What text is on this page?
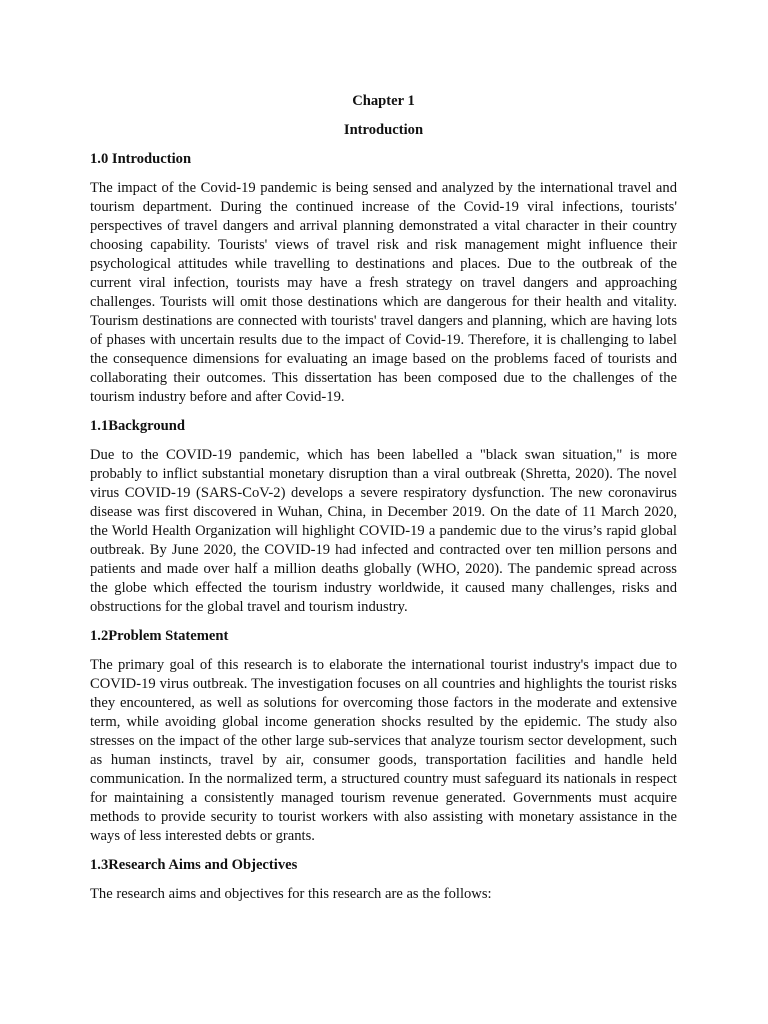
Chapter 1

Introduction

1.0 Introduction

The impact of the Covid-19 pandemic is being sensed and analyzed by the international travel and tourism department. During the continued increase of the Covid-19 viral infections, tourists' perspectives of travel dangers and arrival planning demonstrated a vital character in their country choosing capability. Tourists' views of travel risk and risk management might influence their psychological attitudes while travelling to destinations and places. Due to the outbreak of the current viral infection, tourists may have a fresh strategy on travel dangers and approaching challenges. Tourists will omit those destinations which are dangerous for their health and vitality. Tourism destinations are connected with tourists' travel dangers and planning, which are having lots of phases with uncertain results due to the impact of Covid-19. Therefore, it is challenging to label the consequence dimensions for evaluating an image based on the problems faced of tourists and collaborating their outcomes. This dissertation has been composed due to the challenges of the tourism industry before and after Covid-19.

1.1Background

Due to the COVID-19 pandemic, which has been labelled a "black swan situation," is more probably to inflict substantial monetary disruption than a viral outbreak (Shretta, 2020). The novel virus COVID-19 (SARS-CoV-2) develops a severe respiratory dysfunction. The new coronavirus disease was first discovered in Wuhan, China, in December 2019. On the date of 11 March 2020, the World Health Organization will highlight COVID-19 a pandemic due to the virus’s rapid global outbreak. By June 2020, the COVID-19 had infected and contracted over ten million persons and patients and made over half a million deaths globally (WHO, 2020). The pandemic spread across the globe which effected the tourism industry worldwide, it caused many challenges, risks and obstructions for the global travel and tourism industry.

1.2Problem Statement

The primary goal of this research is to elaborate the international tourist industry's impact due to COVID-19 virus outbreak. The investigation focuses on all countries and highlights the tourist risks they encountered, as well as solutions for overcoming those factors in the moderate and extensive term, while avoiding global income generation shocks resulted by the epidemic. The study also stresses on the impact of the other large sub-services that analyze tourism sector development, such as human instincts, travel by air, consumer goods, transportation facilities and handle held communication. In the normalized term, a structured country must safeguard its nationals in respect for maintaining a consistently managed tourism revenue generated. Governments must acquire methods to provide security to tourist workers with also assisting with monetary assistance in the ways of less interested debts or grants.

1.3Research Aims and Objectives

The research aims and objectives for this research are as the follows:
